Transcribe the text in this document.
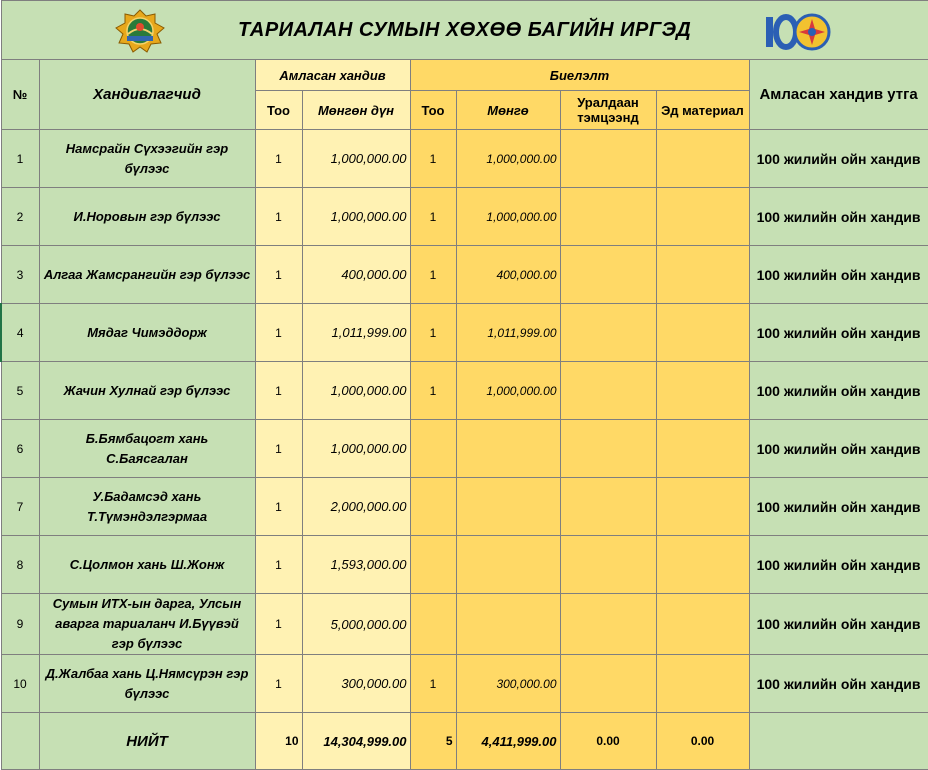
ТАРИАЛАН СУМЫН ХӨХӨӨ БАГИЙН ИРГЭД								

№	Хандивлагчид	Амласан хандив		Биелэлт				Амласан хандив утга
		Тоо	Мөнгөн дүн	Тоо	Мөнгө	Уралдаан тэмцээнд	Эд материал	
1	Намсрайн Сүхээгийн гэр бүлээс	1	1,000,000.00	1	1,000,000.00			100 жилийн ойн хандив
2	И.Норовын гэр бүлээс	1	1,000,000.00	1	1,000,000.00			100 жилийн ойн хандив
3	Алгаа Жамсрангийн гэр бүлээс	1	400,000.00	1	400,000.00			100 жилийн ойн хандив
4	Мядаг Чимэддорж	1	1,011,999.00	1	1,011,999.00			100 жилийн ойн хандив
5	Жачин Хулнай гэр бүлээс	1	1,000,000.00	1	1,000,000.00			100 жилийн ойн хандив
6	Б.Бямбацогт хань С.Баясгалан	1	1,000,000.00					100 жилийн ойн хандив
7	У.Бадамсэд хань Т.Түмэндэлгэрмаа	1	2,000,000.00					100 жилийн ойн хандив
8	С.Цолмон хань Ш.Жонж	1	1,593,000.00					100 жилийн ойн хандив
9	Сумын ИТХ-ын дарга, Улсын аварга тариаланч И.Бүүвэй гэр бүлээс	1	5,000,000.00					100 жилийн ойн хандив
10	Д.Жалбаа хань Ц.Нямсүрэн гэр бүлээс	1	300,000.00	1	300,000.00			100 жилийн ойн хандив
	НИЙТ	10	14,304,999.00	5	4,411,999.00	0.00	0.00	
